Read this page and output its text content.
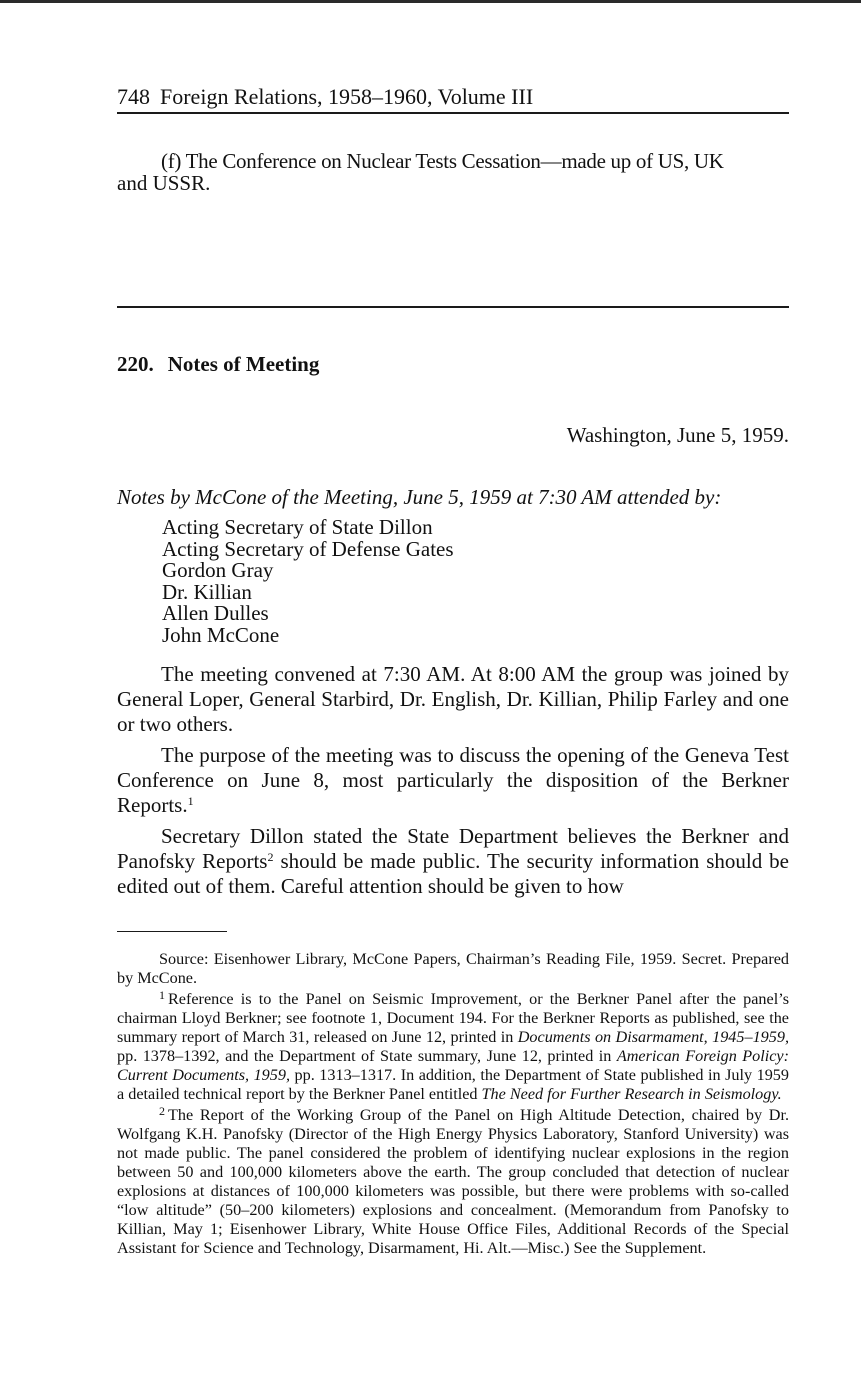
748 Foreign Relations, 1958–1960, Volume III
(f) The Conference on Nuclear Tests Cessation—made up of US, UK
and USSR.
220. Notes of Meeting
Washington, June 5, 1959.
Notes by McCone of the Meeting, June 5, 1959 at 7:30 AM attended by:
Acting Secretary of State Dillon
Acting Secretary of Defense Gates
Gordon Gray
Dr. Killian
Allen Dulles
John McCone

The meeting convened at 7:30 AM. At 8:00 AM the group was joined by General Loper, General Starbird, Dr. English, Dr. Killian, Philip Farley and one or two others.

The purpose of the meeting was to discuss the opening of the Geneva Test Conference on June 8, most particularly the disposition of the Berkner Reports.$^1$

Secretary Dillon stated the State Department believes the Berkner and Panofsky Reports$^2$ should be made public. The security information should be edited out of them. Careful attention should be given to how

Source: Eisenhower Library, McCone Papers, Chairman’s Reading File, 1959. Secret. Prepared by McCone.

$^1$ Reference is to the Panel on Seismic Improvement, or the Berkner Panel after the panel’s chairman Lloyd Berkner; see footnote 1, Document 194. For the Berkner Reports as published, see the summary report of March 31, released on June 12, printed in Documents on Disarmament, 1945–1959, pp. 1378–1392, and the Department of State summary, June 12, printed in American Foreign Policy: Current Documents, 1959, pp. 1313–1317. In addition, the Department of State published in July 1959 a detailed technical report by the Berkner Panel entitled The Need for Further Research in Seismology.

$^2$ The Report of the Working Group of the Panel on High Altitude Detection, chaired by Dr. Wolfgang K.H. Panofsky (Director of the High Energy Physics Laboratory, Stanford University) was not made public. The panel considered the problem of identifying nuclear explosions in the region between 50 and 100,000 kilometers above the earth. The group concluded that detection of nuclear explosions at distances of 100,000 kilometers was possible, but there were problems with so-called “low altitude” (50–200 kilometers) explosions and concealment. (Memorandum from Panofsky to Killian, May 1; Eisenhower Library, White House Office Files, Additional Records of the Special Assistant for Science and Technology, Disarmament, Hi. Alt.—Misc.) See the Supplement.
